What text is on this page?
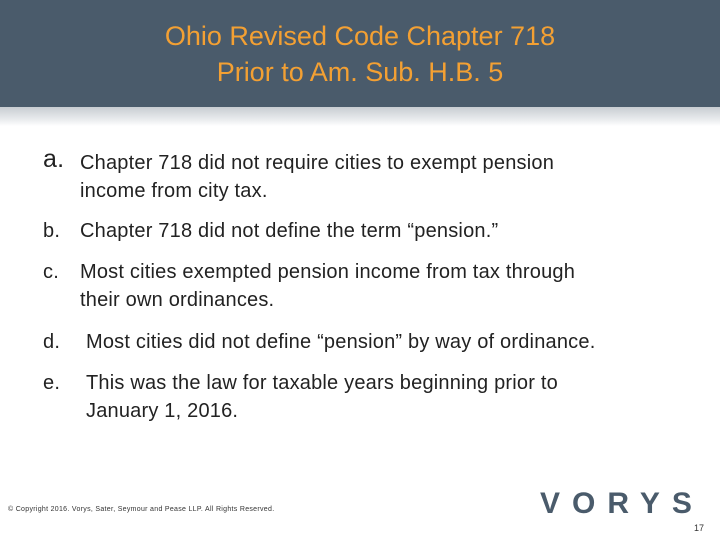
Ohio Revised Code Chapter 718
Prior to Am. Sub. H.B. 5
a. Chapter 718 did not require cities to exempt pension
income from city tax.
b. Chapter 718 did not define the term “pension.”
c. Most cities exempted pension income from tax through
their own ordinances.
d. Most cities did not define “pension” by way of ordinance.
e. This was the law for taxable years beginning prior to
January 1, 2016.
© Copyright 2016. Vorys, Sater, Seymour and Pease LLP. All Rights Reserved.	VORYS
17
